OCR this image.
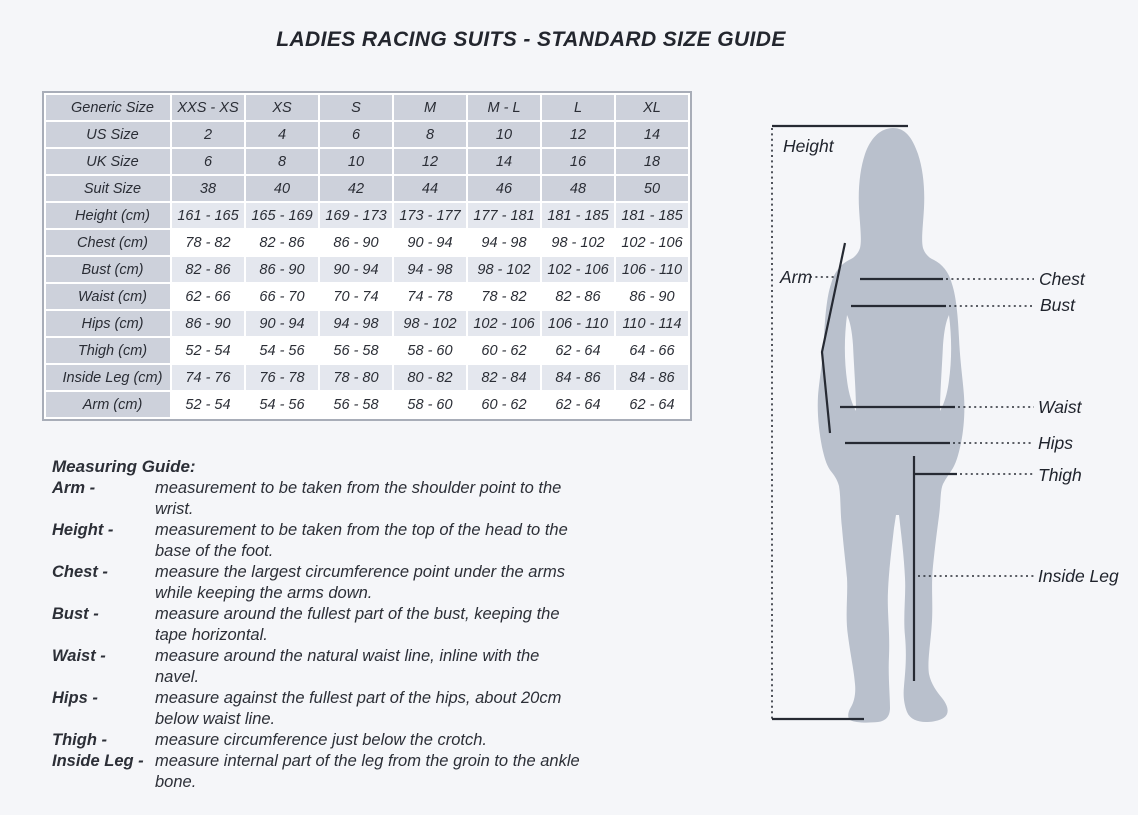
LADIES RACING SUITS - STANDARD SIZE GUIDE
Generic Size	XXS - XS	XS	S	M	M - L	L	XL
US Size	2	4	6	8	10	12	14
UK Size	6	8	10	12	14	16	18
Suit Size	38	40	42	44	46	48	50
Height (cm)	161 - 165	165 - 169	169 - 173	173 - 177	177 - 181	181 - 185	181 - 185
Chest (cm)	78 - 82	82 - 86	86 - 90	90 - 94	94 - 98	98 - 102	102 - 106
Bust (cm)	82 - 86	86 - 90	90 - 94	94 - 98	98 - 102	102 - 106	106 - 110
Waist (cm)	62 - 66	66 - 70	70 - 74	74 - 78	78 - 82	82 - 86	86 - 90
Hips (cm)	86 - 90	90 - 94	94 - 98	98 - 102	102 - 106	106 - 110	110 - 114
Thigh (cm)	52 - 54	54 - 56	56 - 58	58 - 60	60 - 62	62 - 64	64 - 66
Inside Leg (cm)	74 - 76	76 - 78	78 - 80	80 - 82	82 - 84	84 - 86	84 - 86
Arm (cm)	52 - 54	54 - 56	56 - 58	58 - 60	60 - 62	62 - 64	62 - 64
Measuring Guide:
Arm -	measurement to be taken from the shoulder point to the wrist.
Height -	measurement to be taken from the top of the head to the base of the foot.
Chest -	measure the largest circumference point under the arms while keeping the arms down.
Bust -	measure around the fullest part of the bust, keeping the tape horizontal.
Waist -	measure around the natural waist line, inline with the navel.
Hips -	measure against the fullest part of the hips, about 20cm below waist line.
Thigh -	measure circumference just below the crotch.
Inside Leg - measure internal part of the leg from the groin to the ankle bone.
Height
Arm	Chest
Bust
Waist
Hips
Thigh
Inside Leg
